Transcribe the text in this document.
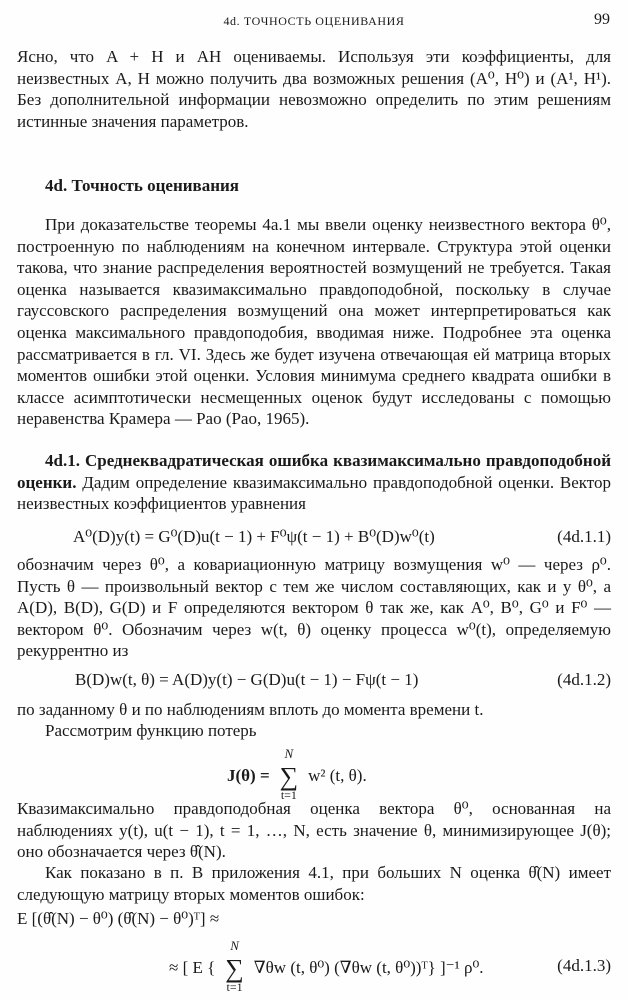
4d. ТОЧНОСТЬ ОЦЕНИВАНИЯ	99

Ясно, что A + H и AH оцениваемы. Используя эти коэффициенты, для неизвестных A, H можно получить два возможных решения (A⁰, H⁰) и (A¹, H¹). Без дополнительной информации невозможно определить по этим решениям истинные значения параметров.

4d. Точность оценивания

При доказательстве теоремы 4a.1 мы ввели оценку неизвестного вектора θ⁰, построенную по наблюдениям на конечном интервале. Структура этой оценки такова, что знание распределения вероятностей возмущений не требуется. Такая оценка называется квазимаксимально правдоподобной, поскольку в случае гауссовского распределения возмущений она может интерпретироваться как оценка максимального правдоподобия, вводимая ниже. Подробнее эта оценка рассматривается в гл. VI. Здесь же будет изучена отвечающая ей матрица вторых моментов ошибки этой оценки. Условия минимума среднего квадрата ошибки в классе асимптотически несмещенных оценок будут исследованы с помощью неравенства Крамера — Рао (Рао, 1965).

4d.1. Среднеквадратическая ошибка квазимаксимально правдоподобной оценки. Дадим определение квазимаксимально правдоподобной оценки. Вектор неизвестных коэффициентов уравнения

A⁰(D)y(t) = G⁰(D)u(t − 1) + F⁰ψ(t − 1) + B⁰(D)w⁰(t)	(4d.1.1)

обозначим через θ⁰, а ковариационную матрицу возмущения w⁰ — через ρ⁰. Пусть θ — произвольный вектор с тем же числом составляющих, как и у θ⁰, а A(D), B(D), G(D) и F определяются вектором θ так же, как A⁰, B⁰, G⁰ и F⁰ — вектором θ⁰. Обозначим через w(t, θ) оценку процесса w⁰(t), определяемую рекуррентно из

B(D)w(t, θ) = A(D)y(t) − G(D)u(t − 1) − Fψ(t − 1)	(4d.1.2)

по заданному θ и по наблюдениям вплоть до момента времени t.

Рассмотрим функцию потерь

J(θ) =
N
∑
t=1
w² (t, θ).

Квазимаксимально правдоподобная оценка вектора θ⁰, основанная на наблюдениях y(t), u(t − 1), t = 1, …, N, есть значение θ, минимизирующее J(θ); оно обозначается через θ̂(N).

Как показано в п. В приложения 4.1, при больших N оценка θ̂(N) имеет следующую матрицу вторых моментов ошибок:

E [(θ̂(N) − θ⁰) (θ̂(N) − θ⁰)ᵀ] ≈
≈ [ E {
N
∑
t=1
∇θw (t, θ⁰) (∇θw (t, θ⁰))ᵀ} ]⁻¹ ρ⁰.	(4d.1.3)
